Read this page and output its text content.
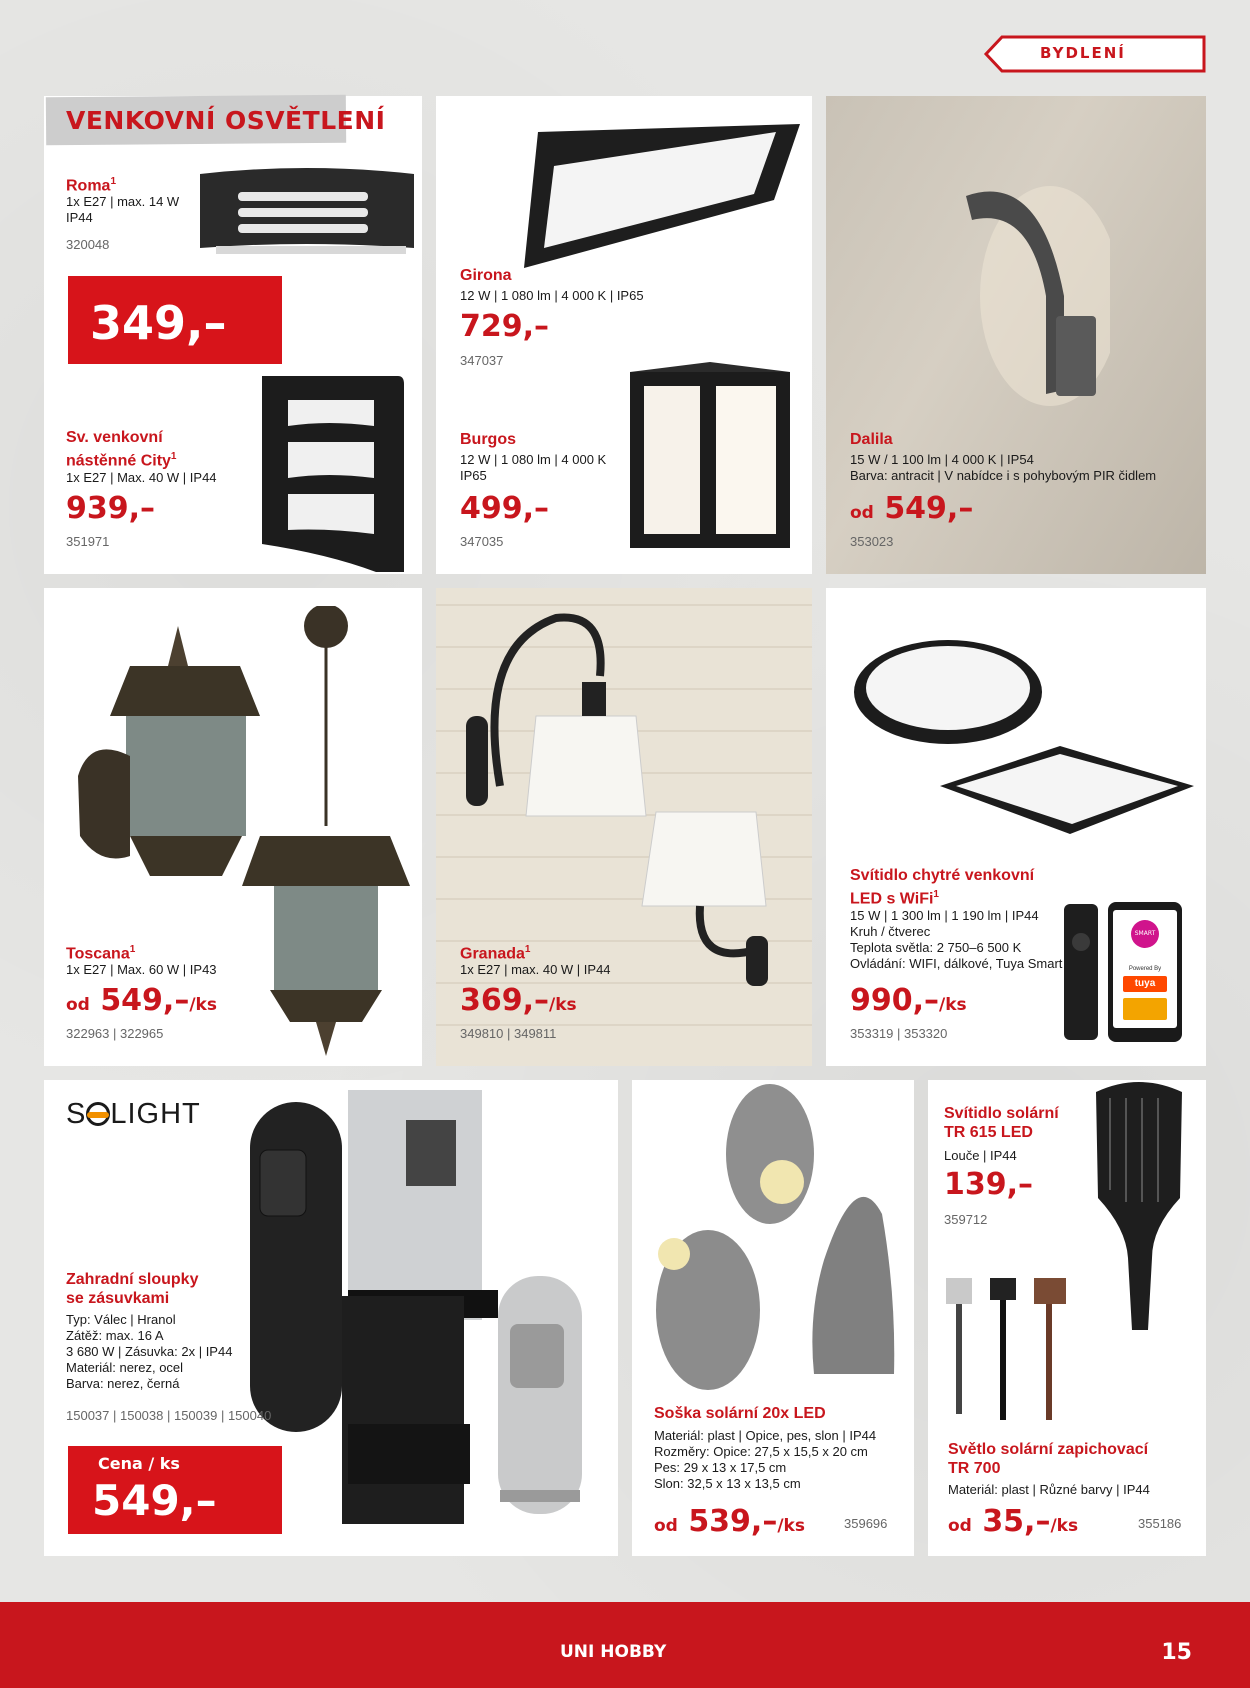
BYDLENÍ
VENKOVNÍ OSVĚTLENÍ
Roma$^1$
1x E27 | max. 14 W
IP44
320048
349,–
Sv. venkovní
nástěnné City$^1$
1x E27 | Max. 40 W | IP44
939,–
351971
Girona
12 W | 1 080 lm | 4 000 K | IP65
729,–
347037
Burgos
12 W | 1 080 lm | 4 000 K
IP65
499,–
347035
Dalila
15 W / 1 100 lm | 4 000 K | IP54
Barva: antracit | V nabídce i s pohybovým PIR čidlem
od 549,–
353023
Toscana$^1$
1x E27 | Max. 60 W | IP43
od 549,–/ks
322963 | 322965
Granada$^1$
1x E27 | max. 40 W | IP44
369,–/ks
349810 | 349811
Svítidlo chytré venkovní
LED s WiFi$^1$
15 W | 1 300 lm | 1 190 lm | IP44
Kruh / čtverec
Teplota světla: 2 750–6 500 K
Ovládání: WIFI, dálkové, Tuya Smart
990,–/ks
353319 | 353320
SMART
Powered By
tuya
S LIGHT
Zahradní sloupky
se zásuvkami
Typ: Válec | Hranol
Zátěž: max. 16 A
3 680 W | Zásuvka: 2x | IP44
Materiál: nerez, ocel
Barva: nerez, černá
150037 | 150038 | 150039 | 150040
Cena / ks
549,–
Soška solární 20x LED
Materiál: plast | Opice, pes, slon | IP44
Rozměry: Opice: 27,5 x 15,5 x 20 cm
Pes: 29 x 13 x 17,5 cm
Slon: 32,5 x 13 x 13,5 cm
od 539,–/ks	359696
Svítidlo solární
TR 615 LED
Louče | IP44
139,–
359712
Světlo solární zapichovací
TR 700
Materiál: plast | Různé barvy | IP44
od 35,–/ks	355186
UNI HOBBY	15
